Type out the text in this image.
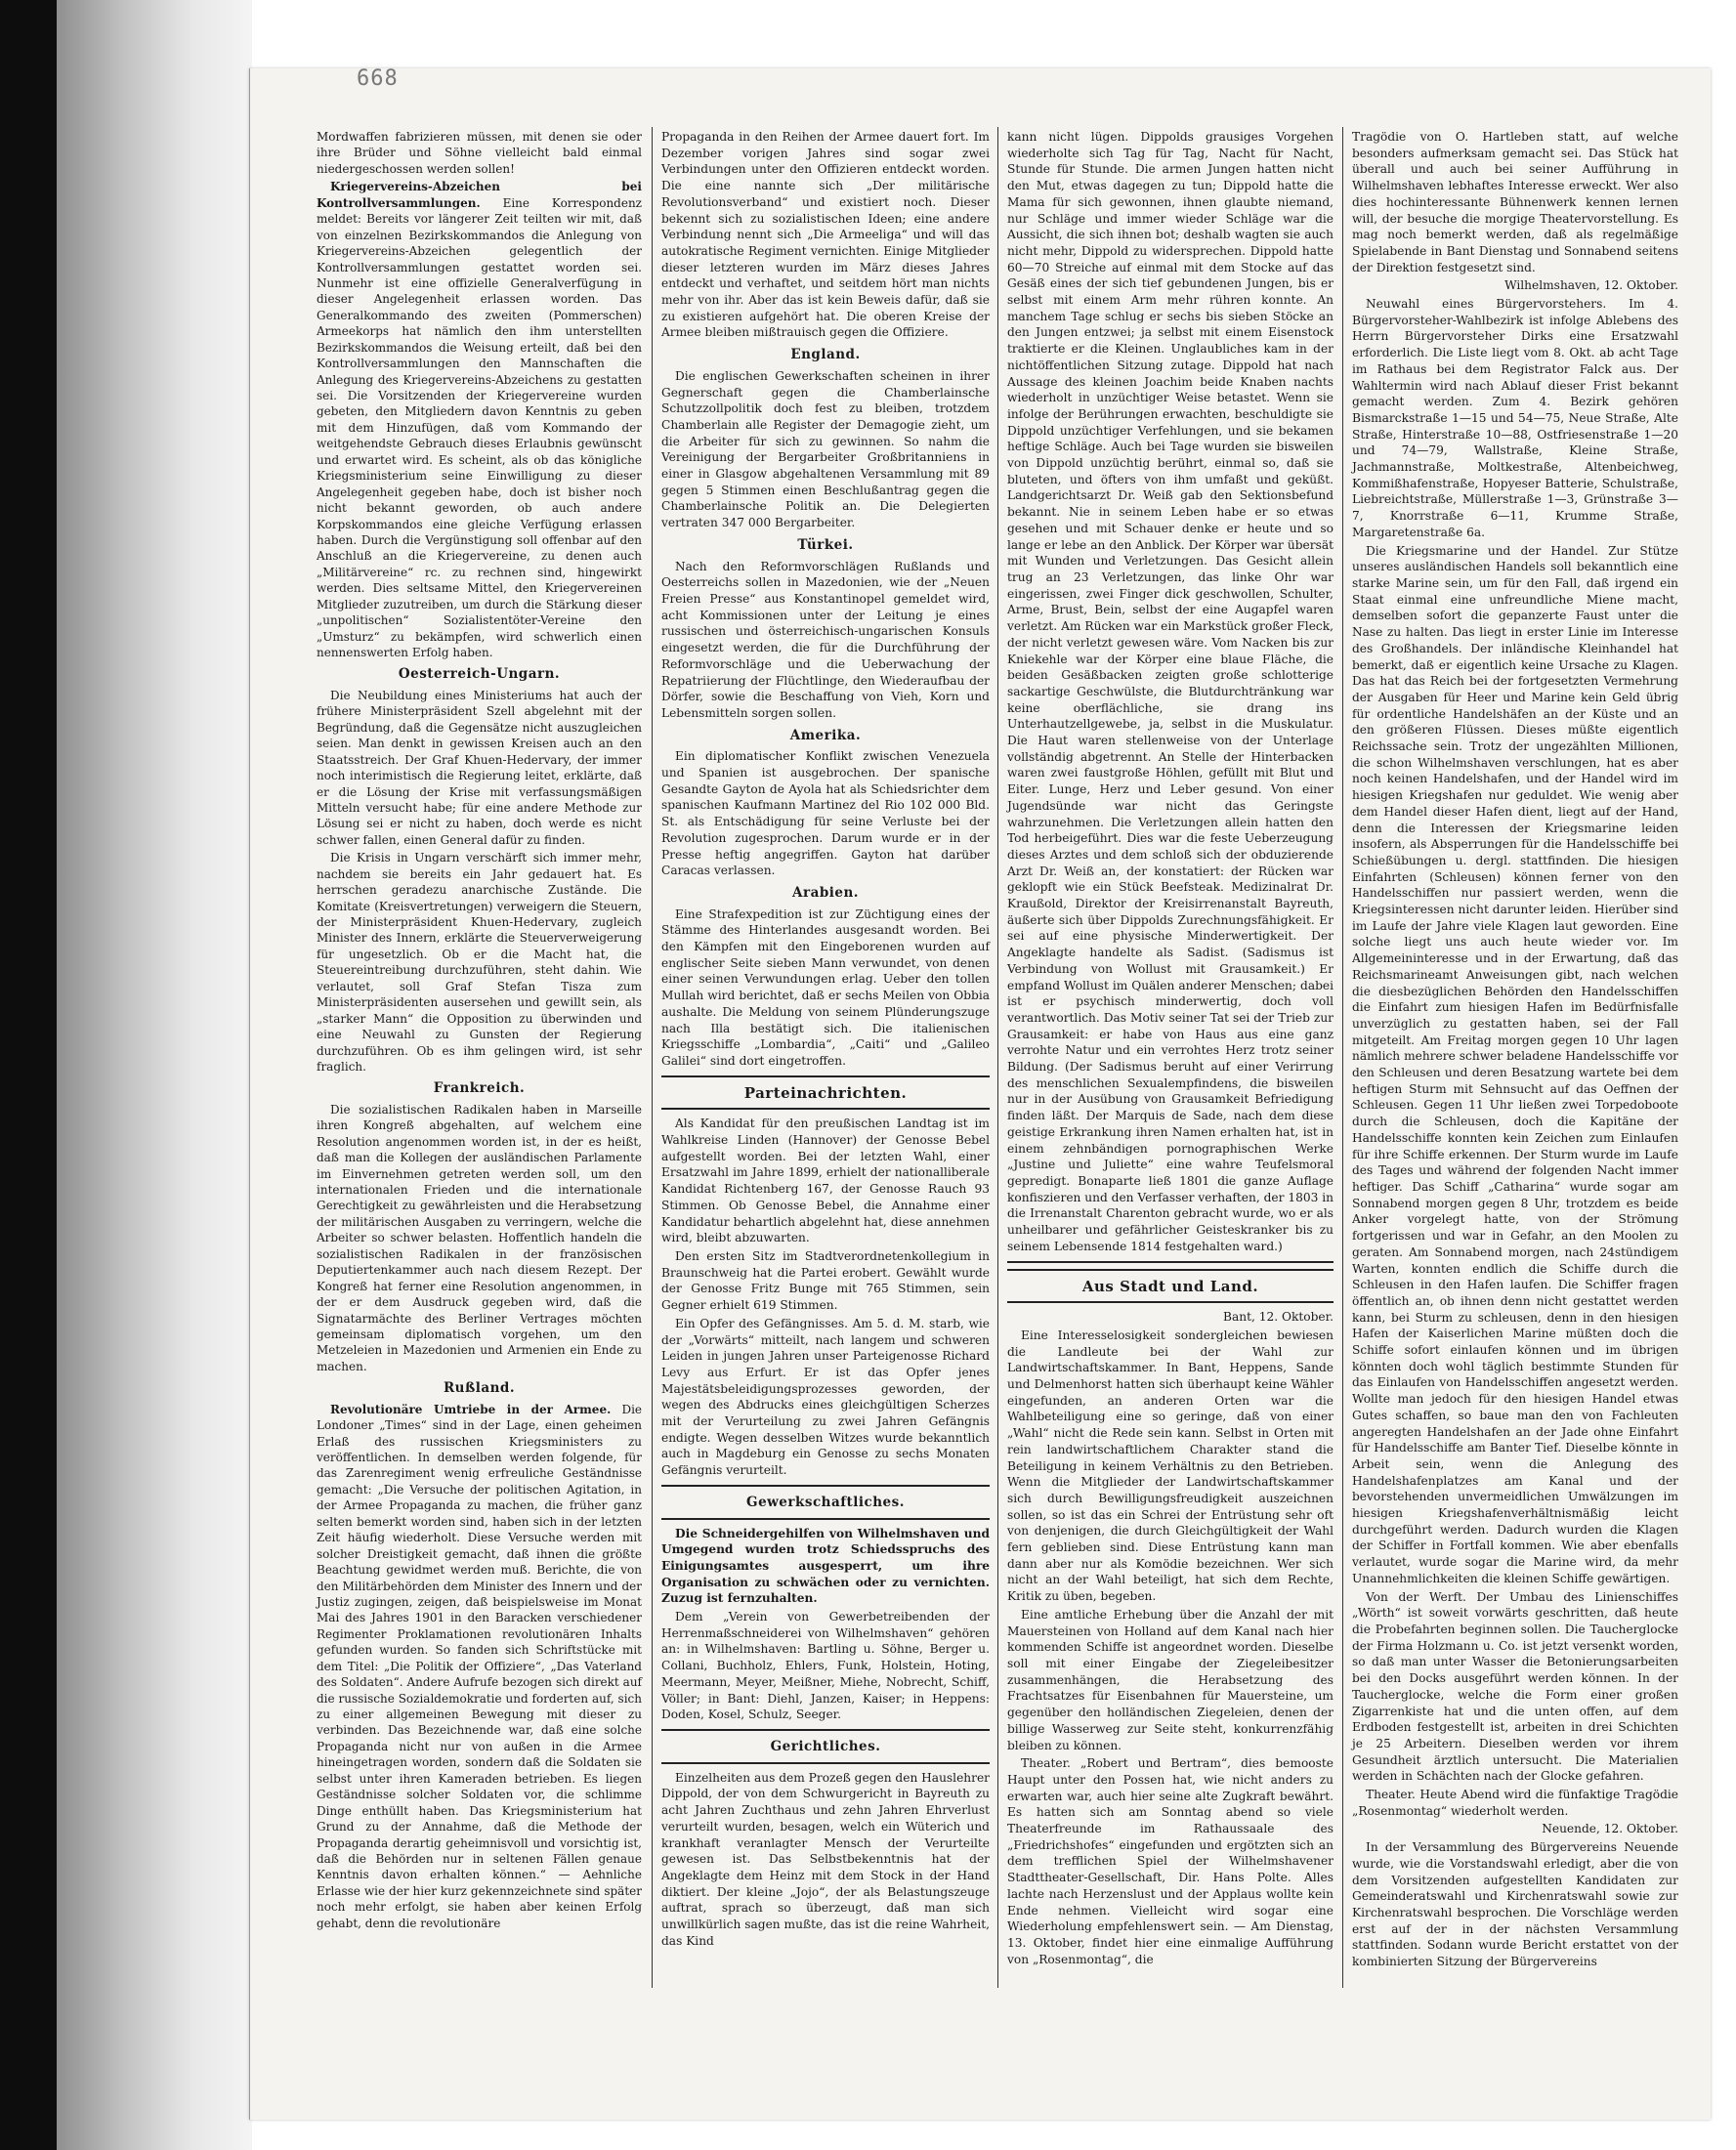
668

Mordwaffen fabrizieren müssen, mit denen sie oder ihre Brüder und Söhne vielleicht bald einmal niedergeschossen werden sollen!

Kriegervereins-Abzeichen bei Kontrollversammlungen. Eine Korrespondenz meldet: Bereits vor längerer Zeit teilten wir mit, daß von einzelnen Bezirkskommandos die Anlegung von Kriegervereins-Abzeichen gelegentlich der Kontrollversammlungen gestattet worden sei. Nunmehr ist eine offizielle Generalverfügung in dieser Angelegenheit erlassen worden. Das Generalkommando des zweiten (Pommerschen) Armeekorps hat nämlich den ihm unterstellten Bezirkskommandos die Weisung erteilt, daß bei den Kontrollversammlungen den Mannschaften die Anlegung des Kriegervereins-Abzeichens zu gestatten sei. Die Vorsitzenden der Kriegervereine wurden gebeten, den Mitgliedern davon Kenntnis zu geben mit dem Hinzufügen, daß vom Kommando der weitgehendste Gebrauch dieses Erlaubnis gewünscht und erwartet wird. Es scheint, als ob das königliche Kriegsministerium seine Einwilligung zu dieser Angelegenheit gegeben habe, doch ist bisher noch nicht bekannt geworden, ob auch andere Korpskommandos eine gleiche Verfügung erlassen haben. Durch die Vergünstigung soll offenbar auf den Anschluß an die Kriegervereine, zu denen auch „Militärvereine“ rc. zu rechnen sind, hingewirkt werden. Dies seltsame Mittel, den Kriegervereinen Mitglieder zuzutreiben, um durch die Stärkung dieser „unpolitischen“ Sozialistentöter-Vereine den „Umsturz“ zu bekämpfen, wird schwerlich einen nennenswerten Erfolg haben.

Oesterreich-Ungarn.

Die Neubildung eines Ministeriums hat auch der frühere Ministerpräsident Szell abgelehnt mit der Begründung, daß die Gegensätze nicht auszugleichen seien. Man denkt in gewissen Kreisen auch an den Staatsstreich. Der Graf Khuen-Hedervary, der immer noch interimistisch die Regierung leitet, erklärte, daß er die Lösung der Krise mit verfassungsmäßigen Mitteln versucht habe; für eine andere Methode zur Lösung sei er nicht zu haben, doch werde es nicht schwer fallen, einen General dafür zu finden.

Die Krisis in Ungarn verschärft sich immer mehr, nachdem sie bereits ein Jahr gedauert hat. Es herrschen geradezu anarchische Zustände. Die Komitate (Kreisvertretungen) verweigern die Steuern, der Ministerpräsident Khuen-Hedervary, zugleich Minister des Innern, erklärte die Steuerverweigerung für ungesetzlich. Ob er die Macht hat, die Steuereintreibung durchzuführen, steht dahin. Wie verlautet, soll Graf Stefan Tisza zum Ministerpräsidenten ausersehen und gewillt sein, als „starker Mann“ die Opposition zu überwinden und eine Neuwahl zu Gunsten der Regierung durchzuführen. Ob es ihm gelingen wird, ist sehr fraglich.

Frankreich.

Die sozialistischen Radikalen haben in Marseille ihren Kongreß abgehalten, auf welchem eine Resolution angenommen worden ist, in der es heißt, daß man die Kollegen der ausländischen Parlamente im Einvernehmen getreten werden soll, um den internationalen Frieden und die internationale Gerechtigkeit zu gewährleisten und die Herabsetzung der militärischen Ausgaben zu verringern, welche die Arbeiter so schwer belasten. Hoffentlich handeln die sozialistischen Radikalen in der französischen Deputiertenkammer auch nach diesem Rezept. Der Kongreß hat ferner eine Resolution angenommen, in der er dem Ausdruck gegeben wird, daß die Signatarmächte des Berliner Vertrages möchten gemeinsam diplomatisch vorgehen, um den Metzeleien in Mazedonien und Armenien ein Ende zu machen.

Rußland.

Revolutionäre Umtriebe in der Armee. Die Londoner „Times“ sind in der Lage, einen geheimen Erlaß des russischen Kriegsministers zu veröffentlichen. In demselben werden folgende, für das Zarenregiment wenig erfreuliche Geständnisse gemacht: „Die Versuche der politischen Agitation, in der Armee Propaganda zu machen, die früher ganz selten bemerkt worden sind, haben sich in der letzten Zeit häufig wiederholt. Diese Versuche werden mit solcher Dreistigkeit gemacht, daß ihnen die größte Beachtung gewidmet werden muß. Berichte, die von den Militärbehörden dem Minister des Innern und der Justiz zugingen, zeigen, daß beispielsweise im Monat Mai des Jahres 1901 in den Baracken verschiedener Regimenter Proklamationen revolutionären Inhalts gefunden wurden. So fanden sich Schriftstücke mit dem Titel: „Die Politik der Offiziere“, „Das Vaterland des Soldaten“. Andere Aufrufe bezogen sich direkt auf die russische Sozialdemokratie und forderten auf, sich zu einer allgemeinen Bewegung mit dieser zu verbinden. Das Bezeichnende war, daß eine solche Propaganda nicht nur von außen in die Armee hineingetragen worden, sondern daß die Soldaten sie selbst unter ihren Kameraden betrieben. Es liegen Geständnisse solcher Soldaten vor, die schlimme Dinge enthüllt haben. Das Kriegsministerium hat Grund zu der Annahme, daß die Methode der Propaganda derartig geheimnisvoll und vorsichtig ist, daß die Behörden nur in seltenen Fällen genaue Kenntnis davon erhalten können.“ — Aehnliche Erlasse wie der hier kurz gekennzeichnete sind später noch mehr erfolgt, sie haben aber keinen Erfolg gehabt, denn die revolutionäre

Propaganda in den Reihen der Armee dauert fort. Im Dezember vorigen Jahres sind sogar zwei Verbindungen unter den Offizieren entdeckt worden. Die eine nannte sich „Der militärische Revolutionsverband“ und existiert noch. Dieser bekennt sich zu sozialistischen Ideen; eine andere Verbindung nennt sich „Die Armeeliga“ und will das autokratische Regiment vernichten. Einige Mitglieder dieser letzteren wurden im März dieses Jahres entdeckt und verhaftet, und seitdem hört man nichts mehr von ihr. Aber das ist kein Beweis dafür, daß sie zu existieren aufgehört hat. Die oberen Kreise der Armee bleiben mißtrauisch gegen die Offiziere.

England.

Die englischen Gewerkschaften scheinen in ihrer Gegnerschaft gegen die Chamberlainsche Schutzzollpolitik doch fest zu bleiben, trotzdem Chamberlain alle Register der Demagogie zieht, um die Arbeiter für sich zu gewinnen. So nahm die Vereinigung der Bergarbeiter Großbritanniens in einer in Glasgow abgehaltenen Versammlung mit 89 gegen 5 Stimmen einen Beschlußantrag gegen die Chamberlainsche Politik an. Die Delegierten vertraten 347 000 Bergarbeiter.

Türkei.

Nach den Reformvorschlägen Rußlands und Oesterreichs sollen in Mazedonien, wie der „Neuen Freien Presse“ aus Konstantinopel gemeldet wird, acht Kommissionen unter der Leitung je eines russischen und österreichisch-ungarischen Konsuls eingesetzt werden, die für die Durchführung der Reformvorschläge und die Ueberwachung der Repatriierung der Flüchtlinge, den Wiederaufbau der Dörfer, sowie die Beschaffung von Vieh, Korn und Lebensmitteln sorgen sollen.

Amerika.

Ein diplomatischer Konflikt zwischen Venezuela und Spanien ist ausgebrochen. Der spanische Gesandte Gayton de Ayola hat als Schiedsrichter dem spanischen Kaufmann Martinez del Rio 102 000 Bld. St. als Entschädigung für seine Verluste bei der Revolution zugesprochen. Darum wurde er in der Presse heftig angegriffen. Gayton hat darüber Caracas verlassen.

Arabien.

Eine Strafexpedition ist zur Züchtigung eines der Stämme des Hinterlandes ausgesandt worden. Bei den Kämpfen mit den Eingeborenen wurden auf englischer Seite sieben Mann verwundet, von denen einer seinen Verwundungen erlag. Ueber den tollen Mullah wird berichtet, daß er sechs Meilen von Obbia aushalte. Die Meldung von seinem Plünderungszuge nach Illa bestätigt sich. Die italienischen Kriegsschiffe „Lombardia“, „Caiti“ und „Galileo Galilei“ sind dort eingetroffen.

Parteinachrichten.

Als Kandidat für den preußischen Landtag ist im Wahlkreise Linden (Hannover) der Genosse Bebel aufgestellt worden. Bei der letzten Wahl, einer Ersatzwahl im Jahre 1899, erhielt der nationalliberale Kandidat Richtenberg 167, der Genosse Rauch 93 Stimmen. Ob Genosse Bebel, die Annahme einer Kandidatur behartlich abgelehnt hat, diese annehmen wird, bleibt abzuwarten.

Den ersten Sitz im Stadtverordnetenkollegium in Braunschweig hat die Partei erobert. Gewählt wurde der Genosse Fritz Bunge mit 765 Stimmen, sein Gegner erhielt 619 Stimmen.

Ein Opfer des Gefängnisses. Am 5. d. M. starb, wie der „Vorwärts“ mitteilt, nach langem und schweren Leiden in jungen Jahren unser Parteigenosse Richard Levy aus Erfurt. Er ist das Opfer jenes Majestätsbeleidigungsprozesses geworden, der wegen des Abdrucks eines gleichgültigen Scherzes mit der Verurteilung zu zwei Jahren Gefängnis endigte. Wegen desselben Witzes wurde bekanntlich auch in Magdeburg ein Genosse zu sechs Monaten Gefängnis verurteilt.

Gewerkschaftliches.

Die Schneidergehilfen von Wilhelmshaven und Umgegend wurden trotz Schiedsspruchs des Einigungsamtes ausgesperrt, um ihre Organisation zu schwächen oder zu vernichten. Zuzug ist fernzuhalten.

Dem „Verein von Gewerbetreibenden der Herrenmaßschneiderei von Wilhelmshaven“ gehören an: in Wilhelmshaven: Bartling u. Söhne, Berger u. Collani, Buchholz, Ehlers, Funk, Holstein, Hoting, Meermann, Meyer, Meißner, Miehe, Nobrecht, Schiff, Völler; in Bant: Diehl, Janzen, Kaiser; in Heppens: Doden, Kosel, Schulz, Seeger.

Gerichtliches.

Einzelheiten aus dem Prozeß gegen den Hauslehrer Dippold, der von dem Schwurgericht in Bayreuth zu acht Jahren Zuchthaus und zehn Jahren Ehrverlust verurteilt wurden, besagen, welch ein Wüterich und krankhaft veranlagter Mensch der Verurteilte gewesen ist. Das Selbstbekenntnis hat der Angeklagte dem Heinz mit dem Stock in der Hand diktiert. Der kleine „Jojo“, der als Belastungszeuge auftrat, sprach so überzeugt, daß man sich unwillkürlich sagen mußte, das ist die reine Wahrheit, das Kind

kann nicht lügen. Dippolds grausiges Vorgehen wiederholte sich Tag für Tag, Nacht für Nacht, Stunde für Stunde. Die armen Jungen hatten nicht den Mut, etwas dagegen zu tun; Dippold hatte die Mama für sich gewonnen, ihnen glaubte niemand, nur Schläge und immer wieder Schläge war die Aussicht, die sich ihnen bot; deshalb wagten sie auch nicht mehr, Dippold zu widersprechen. Dippold hatte 60—70 Streiche auf einmal mit dem Stocke auf das Gesäß eines der sich tief gebundenen Jungen, bis er selbst mit einem Arm mehr rühren konnte. An manchem Tage schlug er sechs bis sieben Stöcke an den Jungen entzwei; ja selbst mit einem Eisenstock traktierte er die Kleinen. Unglaubliches kam in der nichtöffentlichen Sitzung zutage. Dippold hat nach Aussage des kleinen Joachim beide Knaben nachts wiederholt in unzüchtiger Weise betastet. Wenn sie infolge der Berührungen erwachten, beschuldigte sie Dippold unzüchtiger Verfehlungen, und sie bekamen heftige Schläge. Auch bei Tage wurden sie bisweilen von Dippold unzüchtig berührt, einmal so, daß sie bluteten, und öfters von ihm umfaßt und geküßt. Landgerichtsarzt Dr. Weiß gab den Sektionsbefund bekannt. Nie in seinem Leben habe er so etwas gesehen und mit Schauer denke er heute und so lange er lebe an den Anblick. Der Körper war übersät mit Wunden und Verletzungen. Das Gesicht allein trug an 23 Verletzungen, das linke Ohr war eingerissen, zwei Finger dick geschwollen, Schulter, Arme, Brust, Bein, selbst der eine Augapfel waren verletzt. Am Rücken war ein Markstück großer Fleck, der nicht verletzt gewesen wäre. Vom Nacken bis zur Kniekehle war der Körper eine blaue Fläche, die beiden Gesäßbacken zeigten große schlotterige sackartige Geschwülste, die Blutdurchtränkung war keine oberflächliche, sie drang ins Unterhautzellgewebe, ja, selbst in die Muskulatur. Die Haut waren stellenweise von der Unterlage vollständig abgetrennt. An Stelle der Hinterbacken waren zwei faustgroße Höhlen, gefüllt mit Blut und Eiter. Lunge, Herz und Leber gesund. Von einer Jugendsünde war nicht das Geringste wahrzunehmen. Die Verletzungen allein hatten den Tod herbeigeführt. Dies war die feste Ueberzeugung dieses Arztes und dem schloß sich der obduzierende Arzt Dr. Weiß an, der konstatiert: der Rücken war geklopft wie ein Stück Beefsteak. Medizinalrat Dr. Kraußold, Direktor der Kreisirrenanstalt Bayreuth, äußerte sich über Dippolds Zurechnungsfähigkeit. Er sei auf eine physische Minderwertigkeit. Der Angeklagte handelte als Sadist. (Sadismus ist Verbindung von Wollust mit Grausamkeit.) Er empfand Wollust im Quälen anderer Menschen; dabei ist er psychisch minderwertig, doch voll verantwortlich. Das Motiv seiner Tat sei der Trieb zur Grausamkeit: er habe von Haus aus eine ganz verrohte Natur und ein verrohtes Herz trotz seiner Bildung. (Der Sadismus beruht auf einer Verirrung des menschlichen Sexualempfindens, die bisweilen nur in der Ausübung von Grausamkeit Befriedigung finden läßt. Der Marquis de Sade, nach dem diese geistige Erkrankung ihren Namen erhalten hat, ist in einem zehnbändigen pornographischen Werke „Justine und Juliette“ eine wahre Teufelsmoral gepredigt. Bonaparte ließ 1801 die ganze Auflage konfiszieren und den Verfasser verhaften, der 1803 in die Irrenanstalt Charenton gebracht wurde, wo er als unheilbarer und gefährlicher Geisteskranker bis zu seinem Lebensende 1814 festgehalten ward.)

Aus Stadt und Land.

Bant, 12. Oktober.

Eine Interesselosigkeit sondergleichen bewiesen die Landleute bei der Wahl zur Landwirtschaftskammer. In Bant, Heppens, Sande und Delmenhorst hatten sich überhaupt keine Wähler eingefunden, an anderen Orten war die Wahlbeteiligung eine so geringe, daß von einer „Wahl“ nicht die Rede sein kann. Selbst in Orten mit rein landwirtschaftlichem Charakter stand die Beteiligung in keinem Verhältnis zu den Betrieben. Wenn die Mitglieder der Landwirtschaftskammer sich durch Bewilligungsfreudigkeit auszeichnen sollen, so ist das ein Schrei der Entrüstung sehr oft von denjenigen, die durch Gleichgültigkeit der Wahl fern geblieben sind. Diese Entrüstung kann man dann aber nur als Komödie bezeichnen. Wer sich nicht an der Wahl beteiligt, hat sich dem Rechte, Kritik zu üben, begeben.

Eine amtliche Erhebung über die Anzahl der mit Mauersteinen von Holland auf dem Kanal nach hier kommenden Schiffe ist angeordnet worden. Dieselbe soll mit einer Eingabe der Ziegeleibesitzer zusammenhängen, die Herabsetzung des Frachtsatzes für Eisenbahnen für Mauersteine, um gegenüber den holländischen Ziegeleien, denen der billige Wasserweg zur Seite steht, konkurrenzfähig bleiben zu können.

Theater. „Robert und Bertram“, dies bemooste Haupt unter den Possen hat, wie nicht anders zu erwarten war, auch hier seine alte Zugkraft bewährt. Es hatten sich am Sonntag abend so viele Theaterfreunde im Rathaussaale des „Friedrichshofes“ eingefunden und ergötzten sich an dem trefflichen Spiel der Wilhelmshavener Stadttheater-Gesellschaft, Dir. Hans Polte. Alles lachte nach Herzenslust und der Applaus wollte kein Ende nehmen. Vielleicht wird sogar eine Wiederholung empfehlenswert sein. — Am Dienstag, 13. Oktober, findet hier eine einmalige Aufführung von „Rosenmontag“, die

Tragödie von O. Hartleben statt, auf welche besonders aufmerksam gemacht sei. Das Stück hat überall und auch bei seiner Aufführung in Wilhelmshaven lebhaftes Interesse erweckt. Wer also dies hochinteressante Bühnenwerk kennen lernen will, der besuche die morgige Theatervorstellung. Es mag noch bemerkt werden, daß als regelmäßige Spielabende in Bant Dienstag und Sonnabend seitens der Direktion festgesetzt sind.

Wilhelmshaven, 12. Oktober.

Neuwahl eines Bürgervorstehers. Im 4. Bürgervorsteher-Wahlbezirk ist infolge Ablebens des Herrn Bürgervorsteher Dirks eine Ersatzwahl erforderlich. Die Liste liegt vom 8. Okt. ab acht Tage im Rathaus bei dem Registrator Falck aus. Der Wahltermin wird nach Ablauf dieser Frist bekannt gemacht werden. Zum 4. Bezirk gehören Bismarckstraße 1—15 und 54—75, Neue Straße, Alte Straße, Hinterstraße 10—88, Ostfriesenstraße 1—20 und 74—79, Wallstraße, Kleine Straße, Jachmannstraße, Moltkestraße, Altenbeichweg, Kommißhafenstraße, Hopyeser Batterie, Schulstraße, Liebreichtstraße, Müllerstraße 1—3, Grünstraße 3—7, Knorrstraße 6—11, Krumme Straße, Margaretenstraße 6a.

Die Kriegsmarine und der Handel. Zur Stütze unseres ausländischen Handels soll bekanntlich eine starke Marine sein, um für den Fall, daß irgend ein Staat einmal eine unfreundliche Miene macht, demselben sofort die gepanzerte Faust unter die Nase zu halten. Das liegt in erster Linie im Interesse des Großhandels. Der inländische Kleinhandel hat bemerkt, daß er eigentlich keine Ursache zu Klagen. Das hat das Reich bei der fortgesetzten Vermehrung der Ausgaben für Heer und Marine kein Geld übrig für ordentliche Handelshäfen an der Küste und an den größeren Flüssen. Dieses müßte eigentlich Reichssache sein. Trotz der ungezählten Millionen, die schon Wilhelmshaven verschlungen, hat es aber noch keinen Handelshafen, und der Handel wird im hiesigen Kriegshafen nur geduldet. Wie wenig aber dem Handel dieser Hafen dient, liegt auf der Hand, denn die Interessen der Kriegsmarine leiden insofern, als Absperrungen für die Handelsschiffe bei Schießübungen u. dergl. stattfinden. Die hiesigen Einfahrten (Schleusen) können ferner von den Handelsschiffen nur passiert werden, wenn die Kriegsinteressen nicht darunter leiden. Hierüber sind im Laufe der Jahre viele Klagen laut geworden. Eine solche liegt uns auch heute wieder vor. Im Allgemeininteresse und in der Erwartung, daß das Reichsmarineamt Anweisungen gibt, nach welchen die diesbezüglichen Behörden den Handelsschiffen die Einfahrt zum hiesigen Hafen im Bedürfnisfalle unverzüglich zu gestatten haben, sei der Fall mitgeteilt. Am Freitag morgen gegen 10 Uhr lagen nämlich mehrere schwer beladene Handelsschiffe vor den Schleusen und deren Besatzung wartete bei dem heftigen Sturm mit Sehnsucht auf das Oeffnen der Schleusen. Gegen 11 Uhr ließen zwei Torpedoboote durch die Schleusen, doch die Kapitäne der Handelsschiffe konnten kein Zeichen zum Einlaufen für ihre Schiffe erkennen. Der Sturm wurde im Laufe des Tages und während der folgenden Nacht immer heftiger. Das Schiff „Catharina“ wurde sogar am Sonnabend morgen gegen 8 Uhr, trotzdem es beide Anker vorgelegt hatte, von der Strömung fortgerissen und war in Gefahr, an den Moolen zu geraten. Am Sonnabend morgen, nach 24stündigem Warten, konnten endlich die Schiffe durch die Schleusen in den Hafen laufen. Die Schiffer fragen öffentlich an, ob ihnen denn nicht gestattet werden kann, bei Sturm zu schleusen, denn in den hiesigen Hafen der Kaiserlichen Marine müßten doch die Schiffe sofort einlaufen können und im übrigen könnten doch wohl täglich bestimmte Stunden für das Einlaufen von Handelsschiffen angesetzt werden. Wollte man jedoch für den hiesigen Handel etwas Gutes schaffen, so baue man den von Fachleuten angeregten Handelshafen an der Jade ohne Einfahrt für Handelsschiffe am Banter Tief. Dieselbe könnte in Arbeit sein, wenn die Anlegung des Handelshafenplatzes am Kanal und der bevorstehenden unvermeidlichen Umwälzungen im hiesigen Kriegshafenverhältnismäßig leicht durchgeführt werden. Dadurch wurden die Klagen der Schiffer in Fortfall kommen. Wie aber ebenfalls verlautet, wurde sogar die Marine wird, da mehr Unannehmlichkeiten die kleinen Schiffe gewärtigen.

Von der Werft. Der Umbau des Linienschiffes „Wörth“ ist soweit vorwärts geschritten, daß heute die Probefahrten beginnen sollen. Die Taucherglocke der Firma Holzmann u. Co. ist jetzt versenkt worden, so daß man unter Wasser die Betonierungsarbeiten bei den Docks ausgeführt werden können. In der Taucherglocke, welche die Form einer großen Zigarrenkiste hat und die unten offen, auf dem Erdboden festgestellt ist, arbeiten in drei Schichten je 25 Arbeitern. Dieselben werden vor ihrem Gesundheit ärztlich untersucht. Die Materialien werden in Schächten nach der Glocke gefahren.

Theater. Heute Abend wird die fünfaktige Tragödie „Rosenmontag“ wiederholt werden.

Neuende, 12. Oktober.

In der Versammlung des Bürgervereins Neuende wurde, wie die Vorstandswahl erledigt, aber die von dem Vorsitzenden aufgestellten Kandidaten zur Gemeinderatswahl und Kirchenratswahl sowie zur Kirchenratswahl besprochen. Die Vorschläge werden erst auf der in der nächsten Versammlung stattfinden. Sodann wurde Bericht erstattet von der kombinierten Sitzung der Bürgervereins
